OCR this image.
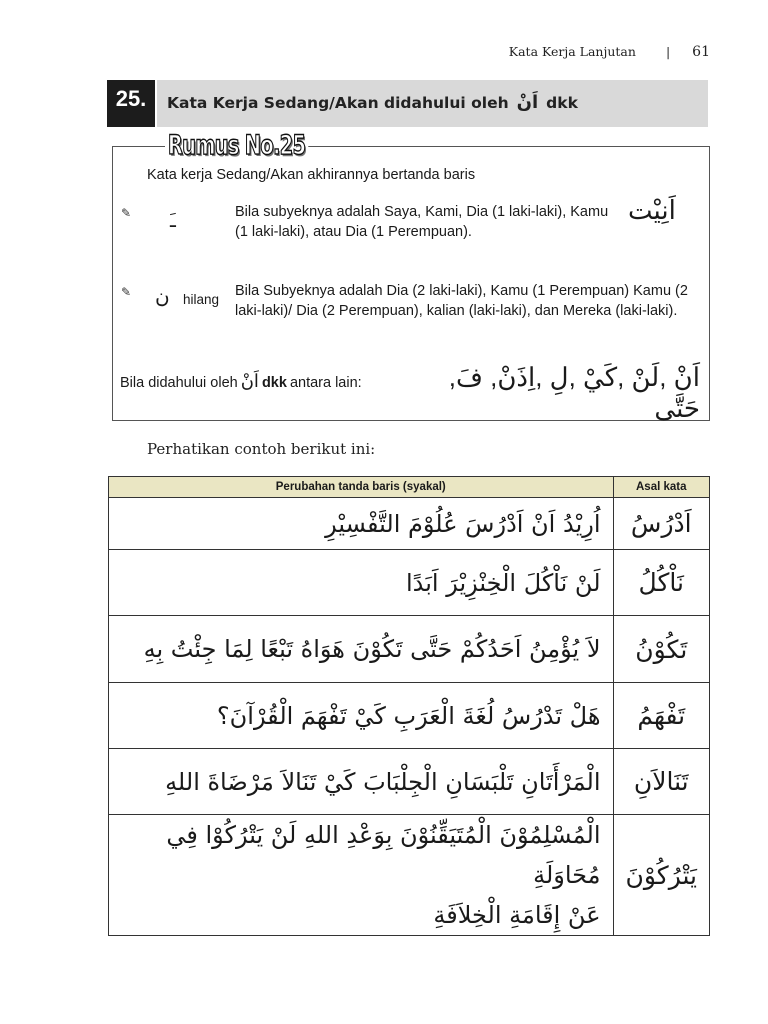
Kata Kerja Lanjutan | 61
25.	Kata Kerja Sedang/Akan didahului oleh اَنْ dkk
Rumus No.25
Kata kerja Sedang/Akan akhirannya bertanda baris
✎ ـَ	Bila subyeknya adalah Saya, Kami, Dia (1 laki-laki), Kamu (1 laki-laki), atau Dia (1 Perempuan).
اَنِيْت
✎ ن hilang
Bila Subyeknya adalah Dia (2 laki-laki), Kamu (1 Perempuan) Kamu (2 laki-laki)/ Dia (2 Perempuan), kalian (laki-laki), dan Mereka (laki-laki).
Bila didahului oleh اَنْ dkk antara lain:	اَنْ ,لَنْ ,كَيْ ,لِ ,اِذَنْ, فَ, حَتَّى
Perhatikan contoh berikut ini:
Perubahan tanda baris (syakal)	Asal kata
اُرِيْدُ اَنْ اَدْرُسَ عُلُوْمَ التَّفْسِيْرِ	اَدْرُسُ
لَنْ نَاْكُلَ الْخِنْزِيْرَ اَبَدًا	نَاْكُلُ
لاَ يُؤْمِنُ اَحَدُكُمْ حَتَّى تَكُوْنَ هَوَاهُ تَبْعًا لِمَا جِئْتُ بِهِ	تَكُوْنُ
هَلْ تَدْرُسُ لُغَةَ الْعَرَبِ كَيْ تَفْهَمَ الْقُرْآنَ؟	تَفْهَمُ
الْمَرْأَتَانِ تَلْبَسَانِ الْجِلْبَابَ كَيْ تَنَالاَ مَرْضَاةَ اللهِ	تَنَالاَنِ

الْمُسْلِمُوْنَ الْمُتَيَقِّنُوْنَ بِوَعْدِ اللهِ لَنْ يَتْرُكُوْا فِي مُحَاوَلَةِ
عَنْ إِقَامَةِ الْخِلاَفَةِ	يَتْرُكُوْنَ
